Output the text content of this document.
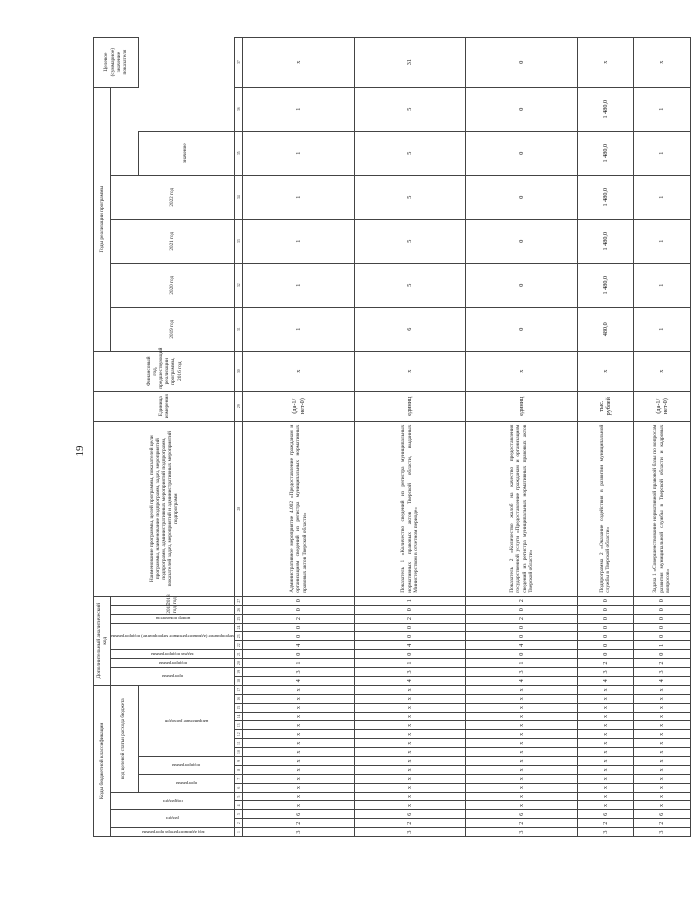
19
Коды бюджетной классификации																	Дополнительный аналитический код										Наименование программы, целей программы, показателей цели программы, наименование подпрограмм, задач, мероприятий подпрограмм, административных мероприятий подпрограмм, показателей задач, мероприятий и административных мероприятий подпрограмм	Единица измерения	Финансовый год, предшествующий реализации программы, 2016 год	Годы реализации программы						Целевое (суммарное) значение показателя

код администратора программы	раздел		подраздел		код целевой статьи расхода бюджета												программа		подпрограмма	задача подпрограммы	мероприятие (административное мероприятие) подпрограммы			номер показателя	2017 год	2018 год				2019 год	2020 год	2021 год	2022 год			

					программа		подпрограмма		направление расходов																									значение		
1	2	3	4	5	6	7	8	9	10	11	12	13	14	15	16	17	18	19	20	21	22	23	24	25	26	27	28	29	30	31	32	33	34	35	36	37
3	2	6	x	x	x	x	x	x	x	x	x	x	x	x	x	x	4	3	1	0	4	0	0	2	0	0	Административное мероприятие 4.002 «Предоставление гражданам и организациям сведений из регистра муниципальных нормативных правовых актов Тверской области»	(да-1/ нет-0)	x	1	1	1	1	1	1	x
3	2	6	x	x	x	x	x	x	x	x	x	x	x	x	x	x	4	3	1	0	4	0	0	2	0	1	Показатель 1 «Количество сведений из регистра муниципальных нормативных правовых актов Тверской области, выданных Министерством в отчетном периоде»	единиц	x	6	5	5	5	5	5	31
3	2	6	x	x	x	x	x	x	x	x	x	x	x	x	x	x	4	3	1	0	4	0	0	2	0	2	Показатель 2 «Количество жалоб на качество предоставления государственной услуги «Предоставление гражданам и организациям сведений из регистра муниципальных нормативных правовых актов Тверской области»	единиц	x	0	0	0	0	0	0	0
3	2	6	x	x	x	x	x	x	x	x	x	x	x	x	x	x	4	3	2	0	0	0	0	0	0	0	Подпрограмма 2 «Оказание содействия в развитии муниципальной службы в Тверской области»	тыс. рублей	x	480,0	1 480,0	1 480,0	1 480,0	1 480,0	1 480,0	x
3	2	6	x	x	x	x	x	x	x	x	x	x	x	x	x	x	4	3	2	0	1	0	0	0	0	0	Задача 1 «Совершенствование нормативной правовой базы по вопросам развития муниципальной службы в Тверской области и кадровых вопросов»	(да-1/ нет-0)	x	1	1	1	1	1	1	x
